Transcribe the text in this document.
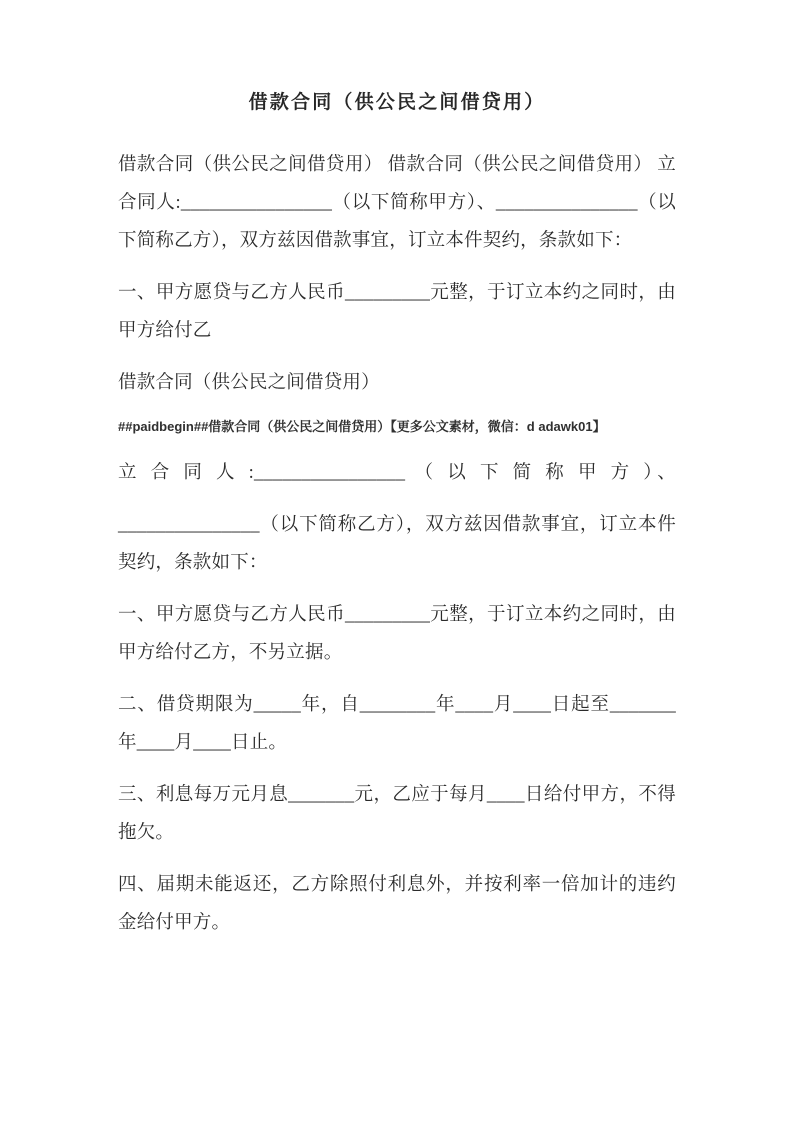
借款合同（供公民之间借贷用）

借款合同（供公民之间借贷用） 借款合同（供公民之间借贷用） 立合同人:________________（以下简称甲方）、_______________（以下简称乙方），双方兹因借款事宜，订立本件契约，条款如下：

一、甲方愿贷与乙方人民币_________元整，于订立本约之同时，由甲方给付乙

借款合同（供公民之间借贷用）

##paidbegin##借款合同（供公民之间借贷用）【更多公文素材，微信：d adawk01】

立 合 同 人 :________________ （ 以 下 简 称 甲 方 ）、

_______________（以下简称乙方），双方兹因借款事宜，订立本件契约，条款如下：

一、甲方愿贷与乙方人民币_________元整，于订立本约之同时，由甲方给付乙方，不另立据。

二、借贷期限为_____年，自________年____月____日起至_______年____月____日止。

三、利息每万元月息_______元，乙应于每月____日给付甲方，不得拖欠。

四、届期未能返还，乙方除照付利息外，并按利率一倍加计的违约金给付甲方。
